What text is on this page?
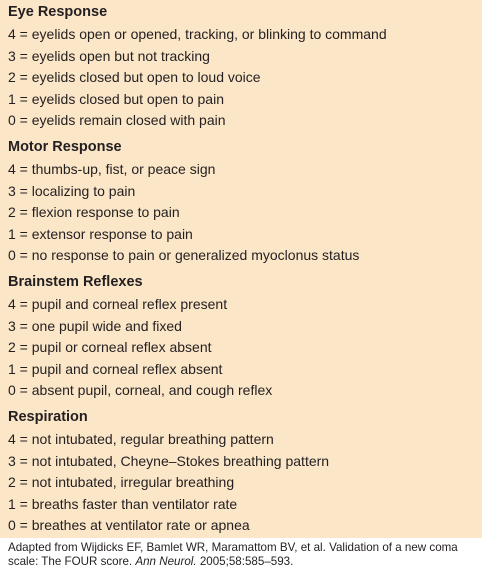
Eye Response
4 = eyelids open or opened, tracking, or blinking to command
3 = eyelids open but not tracking
2 = eyelids closed but open to loud voice
1 = eyelids closed but open to pain
0 = eyelids remain closed with pain
Motor Response
4 = thumbs-up, fist, or peace sign
3 = localizing to pain
2 = flexion response to pain
1 = extensor response to pain
0 = no response to pain or generalized myoclonus status
Brainstem Reflexes
4 = pupil and corneal reflex present
3 = one pupil wide and fixed
2 = pupil or corneal reflex absent
1 = pupil and corneal reflex absent
0 = absent pupil, corneal, and cough reflex
Respiration
4 = not intubated, regular breathing pattern
3 = not intubated, Cheyne–Stokes breathing pattern
2 = not intubated, irregular breathing
1 = breaths faster than ventilator rate
0 = breathes at ventilator rate or apnea
Adapted from Wijdicks EF, Bamlet WR, Maramattom BV, et al. Validation of a new coma scale: The FOUR score. Ann Neurol. 2005;58:585–593.
